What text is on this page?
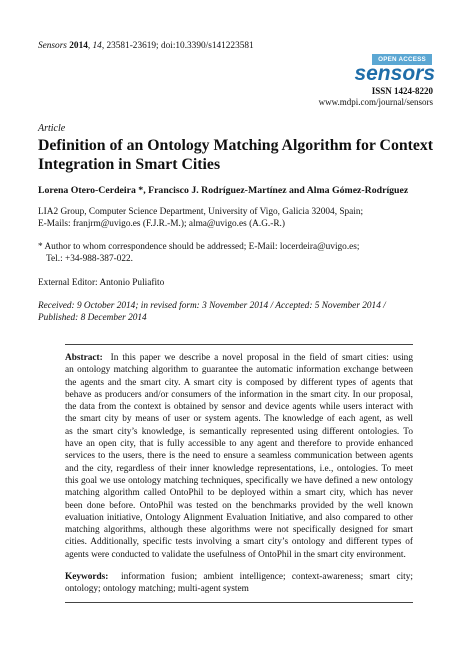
Sensors 2014, 14, 23581-23619; doi:10.3390/s141223581
OPEN ACCESS
sensors
ISSN 1424-8220
www.mdpi.com/journal/sensors
Article
Definition of an Ontology Matching Algorithm for Context
Integration in Smart Cities
Lorena Otero-Cerdeira *, Francisco J. Rodríguez-Martínez and Alma Gómez-Rodríguez
LIA2 Group, Computer Science Department, University of Vigo, Galicia 32004, Spain;
E-Mails: franjrm@uvigo.es (F.J.R.-M.); alma@uvigo.es (A.G.-R.)
* Author to whom correspondence should be addressed; E-Mail: locerdeira@uvigo.es;
Tel.: +34-988-387-022.
External Editor: Antonio Puliafito
Received: 9 October 2014; in revised form: 3 November 2014 / Accepted: 5 November 2014 /
Published: 8 December 2014
Abstract: In this paper we describe a novel proposal in the field of smart cities: using
an ontology matching algorithm to guarantee the automatic information exchange between
the agents and the smart city. A smart city is composed by different types of agents that
behave as producers and/or consumers of the information in the smart city. In our proposal,
the data from the context is obtained by sensor and device agents while users interact with
the smart city by means of user or system agents. The knowledge of each agent, as well
as the smart city’s knowledge, is semantically represented using different ontologies. To
have an open city, that is fully accessible to any agent and therefore to provide enhanced
services to the users, there is the need to ensure a seamless communication between agents
and the city, regardless of their inner knowledge representations, i.e., ontologies. To meet
this goal we use ontology matching techniques, specifically we have defined a new ontology
matching algorithm called OntoPhil to be deployed within a smart city, which has never
been done before. OntoPhil was tested on the benchmarks provided by the well known
evaluation initiative, Ontology Alignment Evaluation Initiative, and also compared to other
matching algorithms, although these algorithms were not specifically designed for smart
cities. Additionally, specific tests involving a smart city’s ontology and different types of
agents were conducted to validate the usefulness of OntoPhil in the smart city environment.
Keywords: information fusion; ambient intelligence; context-awareness; smart city;
ontology; ontology matching; multi-agent system
